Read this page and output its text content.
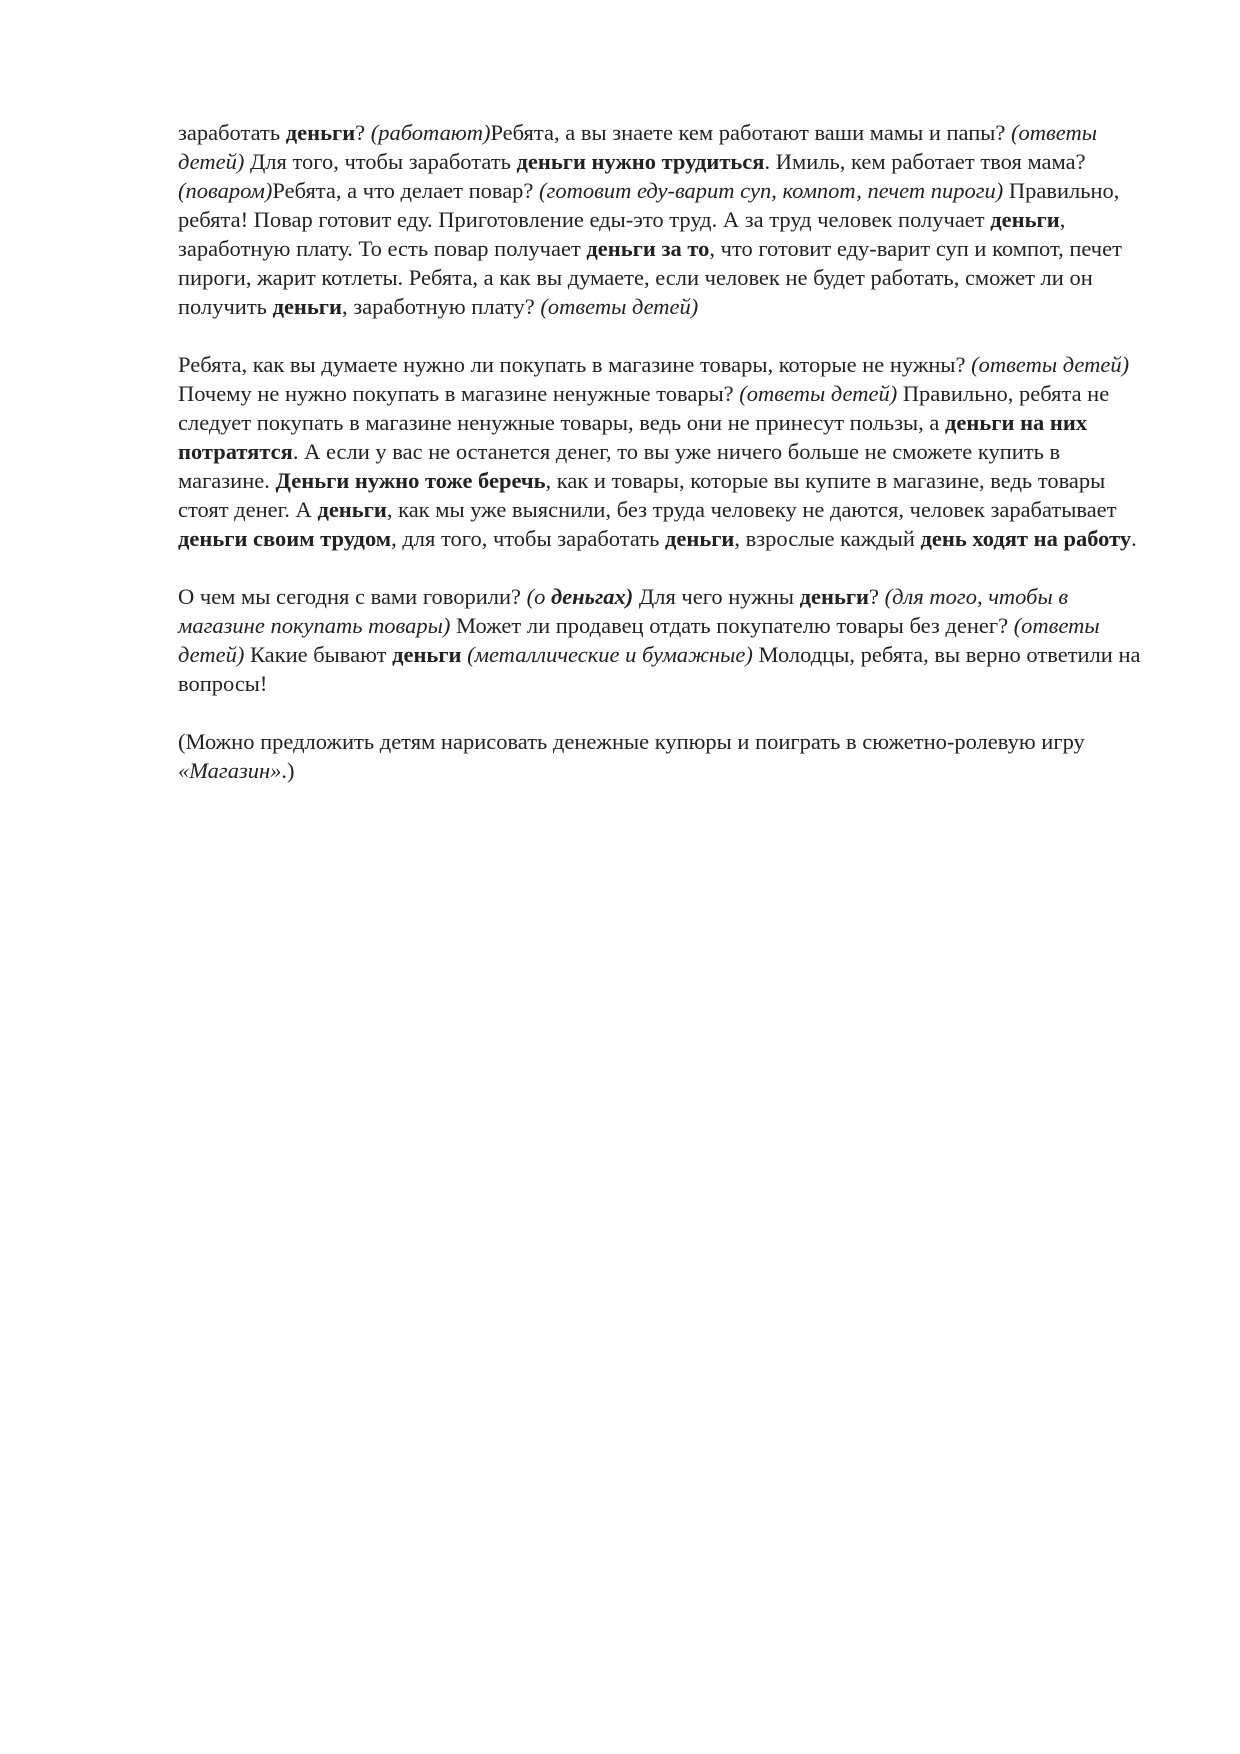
заработать деньги? (работают)Ребята, а вы знаете кем работают ваши мамы и папы? (ответы детей) Для того, чтобы заработать деньги нужно трудиться. Имиль, кем работает твоя мама? (поваром)Ребята, а что делает повар? (готовит еду-варит суп, компот, печет пироги) Правильно, ребята! Повар готовит еду. Приготовление еды-это труд. А за труд человек получает деньги, заработную плату. То есть повар получает деньги за то, что готовит еду-варит суп и компот, печет пироги, жарит котлеты. Ребята, а как вы думаете, если человек не будет работать, сможет ли он получить деньги, заработную плату? (ответы детей)

Ребята, как вы думаете нужно ли покупать в магазине товары, которые не нужны? (ответы детей) Почему не нужно покупать в магазине ненужные товары? (ответы детей) Правильно, ребята не следует покупать в магазине ненужные товары, ведь они не принесут пользы, а деньги на них потратятся. А если у вас не останется денег, то вы уже ничего больше не сможете купить в магазине. Деньги нужно тоже беречь, как и товары, которые вы купите в магазине, ведь товары стоят денег. А деньги, как мы уже выяснили, без труда человеку не даются, человек зарабатывает деньги своим трудом, для того, чтобы заработать деньги, взрослые каждый день ходят на работу.

О чем мы сегодня с вами говорили? (о деньгах) Для чего нужны деньги? (для того, чтобы в магазине покупать товары) Может ли продавец отдать покупателю товары без денег? (ответы детей) Какие бывают деньги (металлические и бумажные) Молодцы, ребята, вы верно ответили на вопросы!

(Можно предложить детям нарисовать денежные купюры и поиграть в сюжетно-ролевую игру «Магазин».)
